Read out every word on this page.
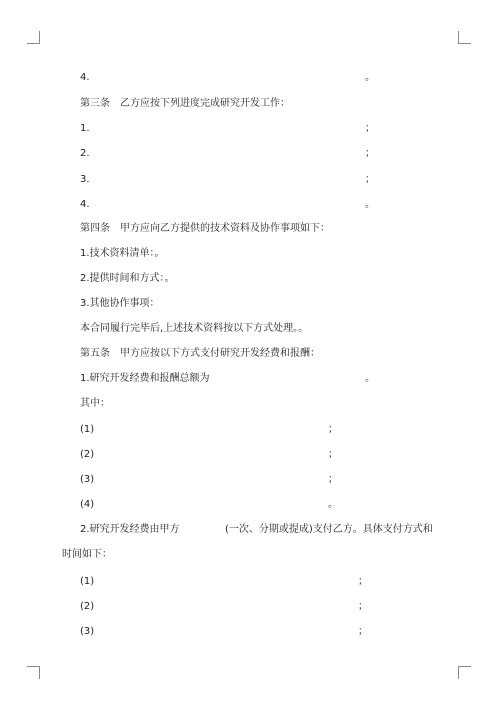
4.	。
第三条　乙方应按下列进度完成研究开发工作：
1.	；
2.	；
3.	；
4.	。
第四条　甲方应向乙方提供的技术资料及协作事项如下：
1.技术资料清单：。
2.提供时间和方式：。
3.其他协作事项：
本合同履行完毕后,上述技术资料按以下方式处理。。
第五条　甲方应按以下方式支付研究开发经费和报酬：
1.研究开发经费和报酬总额为	。
其中：
(1)	；
(2)	；
(3)	；
(4)	。
2.研究开发经费由甲方	(一次、分期或提成)支付乙方。具体支付方式和
时间如下：
(1)	；
(2)	；
(3)	；
